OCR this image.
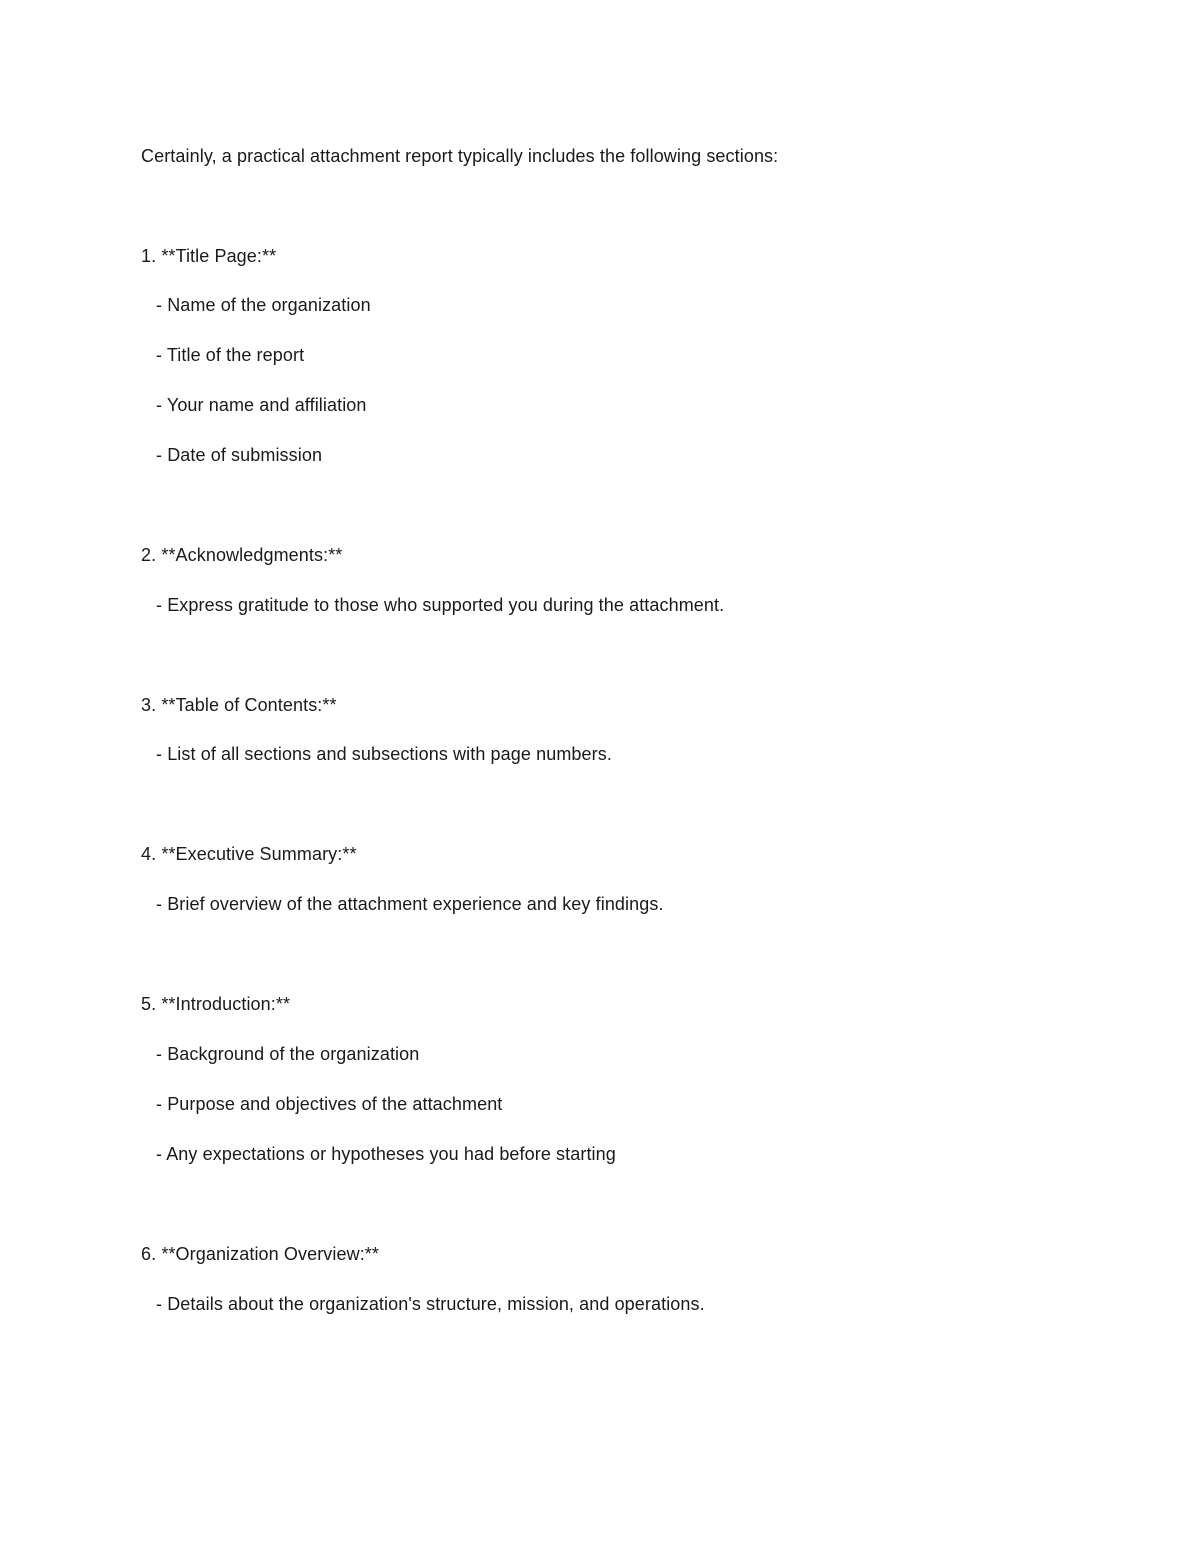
Certainly, a practical attachment report typically includes the following sections:
1. **Title Page:**
- Name of the organization
- Title of the report
- Your name and affiliation
- Date of submission
2. **Acknowledgments:**
- Express gratitude to those who supported you during the attachment.
3. **Table of Contents:**
- List of all sections and subsections with page numbers.
4. **Executive Summary:**
- Brief overview of the attachment experience and key findings.
5. **Introduction:**
- Background of the organization
- Purpose and objectives of the attachment
- Any expectations or hypotheses you had before starting
6. **Organization Overview:**
- Details about the organization's structure, mission, and operations.
